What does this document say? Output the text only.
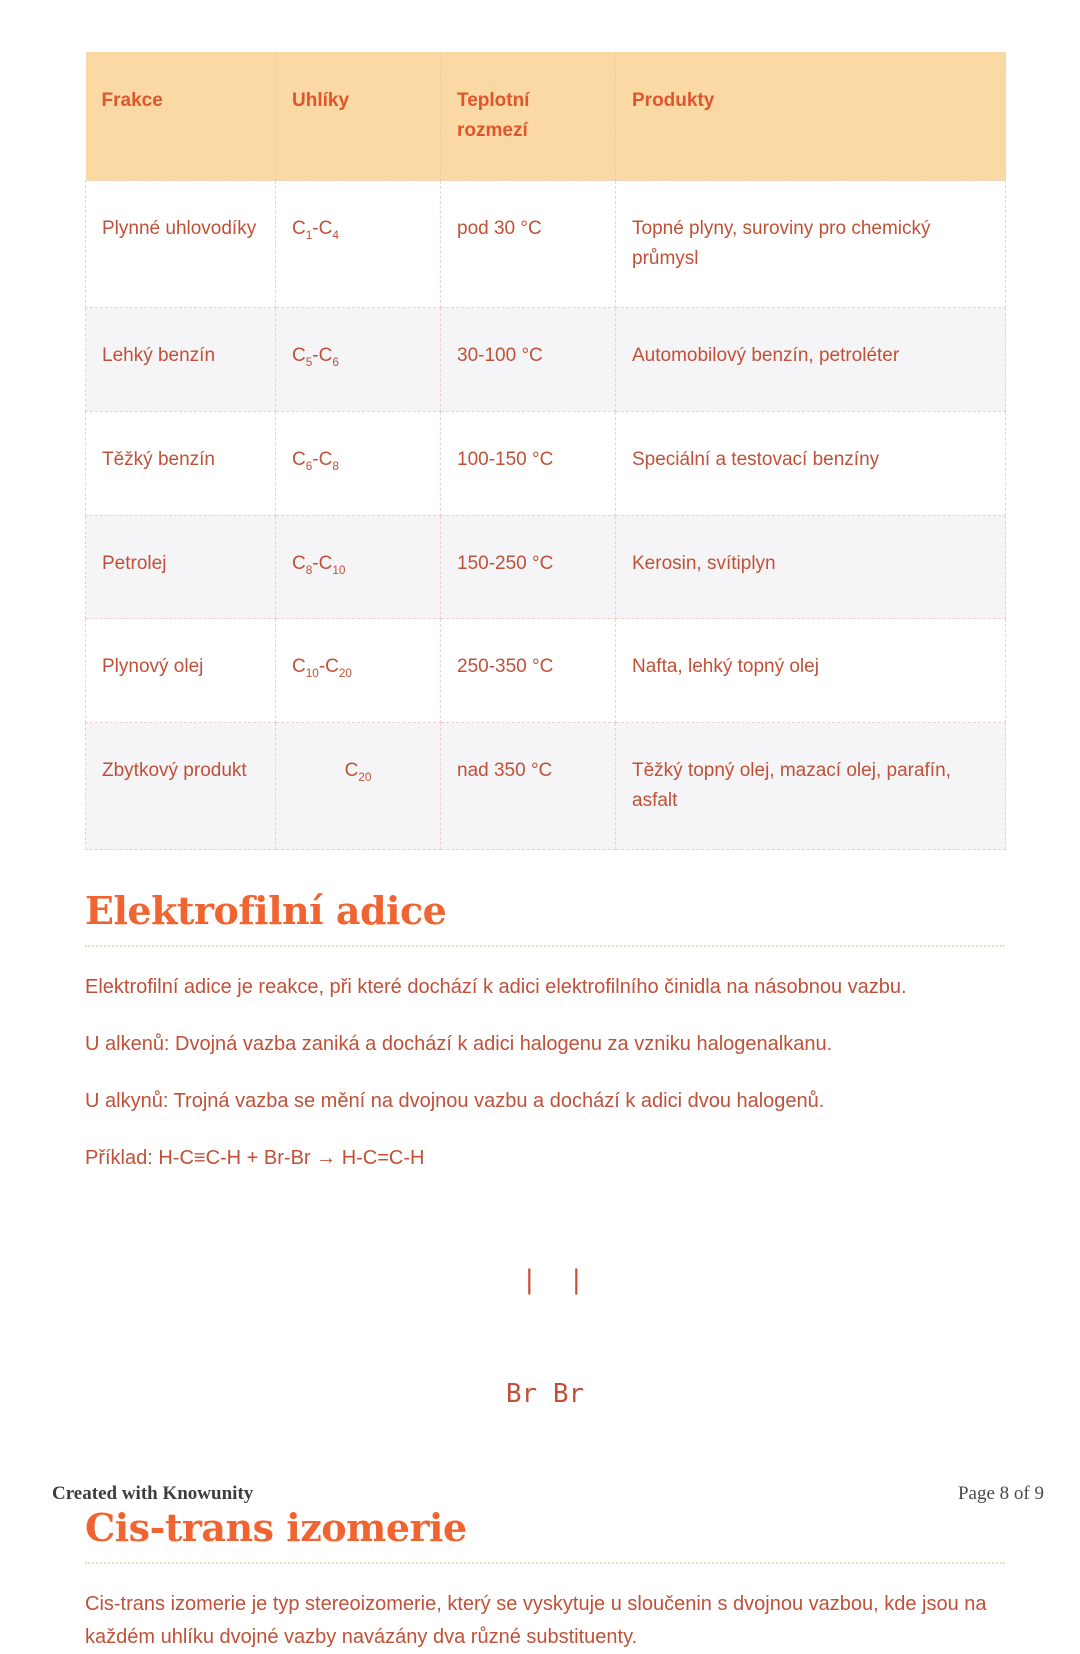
Frakce	Uhlíky	Teplotní rozmezí	Produkty
Plynné uhlovodíky	$C_1-C_4$	pod 30 °C	Topné plyny, suroviny pro chemický průmysl
Lehký benzín	$C_5-C_6$	30-100 °C	Automobilový benzín, petroléter
Těžký benzín	$C_6-C_8$	100-150 °C	Speciální a testovací benzíny
Petrolej	$C_8-C_{10}$	150-250 °C	Kerosin, svítiplyn
Plynový olej	$C_{10}-C_{20}$	250-350 °C	Nafta, lehký topný olej
Zbytkový produkt	$C_{20}$	nad 350 °C	Těžký topný olej, mazací olej, parafín, asfalt
Elektrofilní adice

Elektrofilní adice je reakce, při které dochází k adici elektrofilního činidla na násobnou vazbu.

U alkenů: Dvojná vazba zaniká a dochází k adici halogenu za vzniku halogenalkanu.

U alkynů: Trojná vazba se mění na dvojnou vazbu a dochází k adici dvou halogenů.

Příklad: H-C≡C-H + Br-Br → H-C=C-H

|  |

Br Br

Cis-trans izomerie

Cis-trans izomerie je typ stereoizomerie, který se vyskytuje u sloučenin s dvojnou vazbou, kde jsou na každém uhlíku dvojné vazby navázány dva různé substituenty.

Created with Knowunity	Page 8 of 9
